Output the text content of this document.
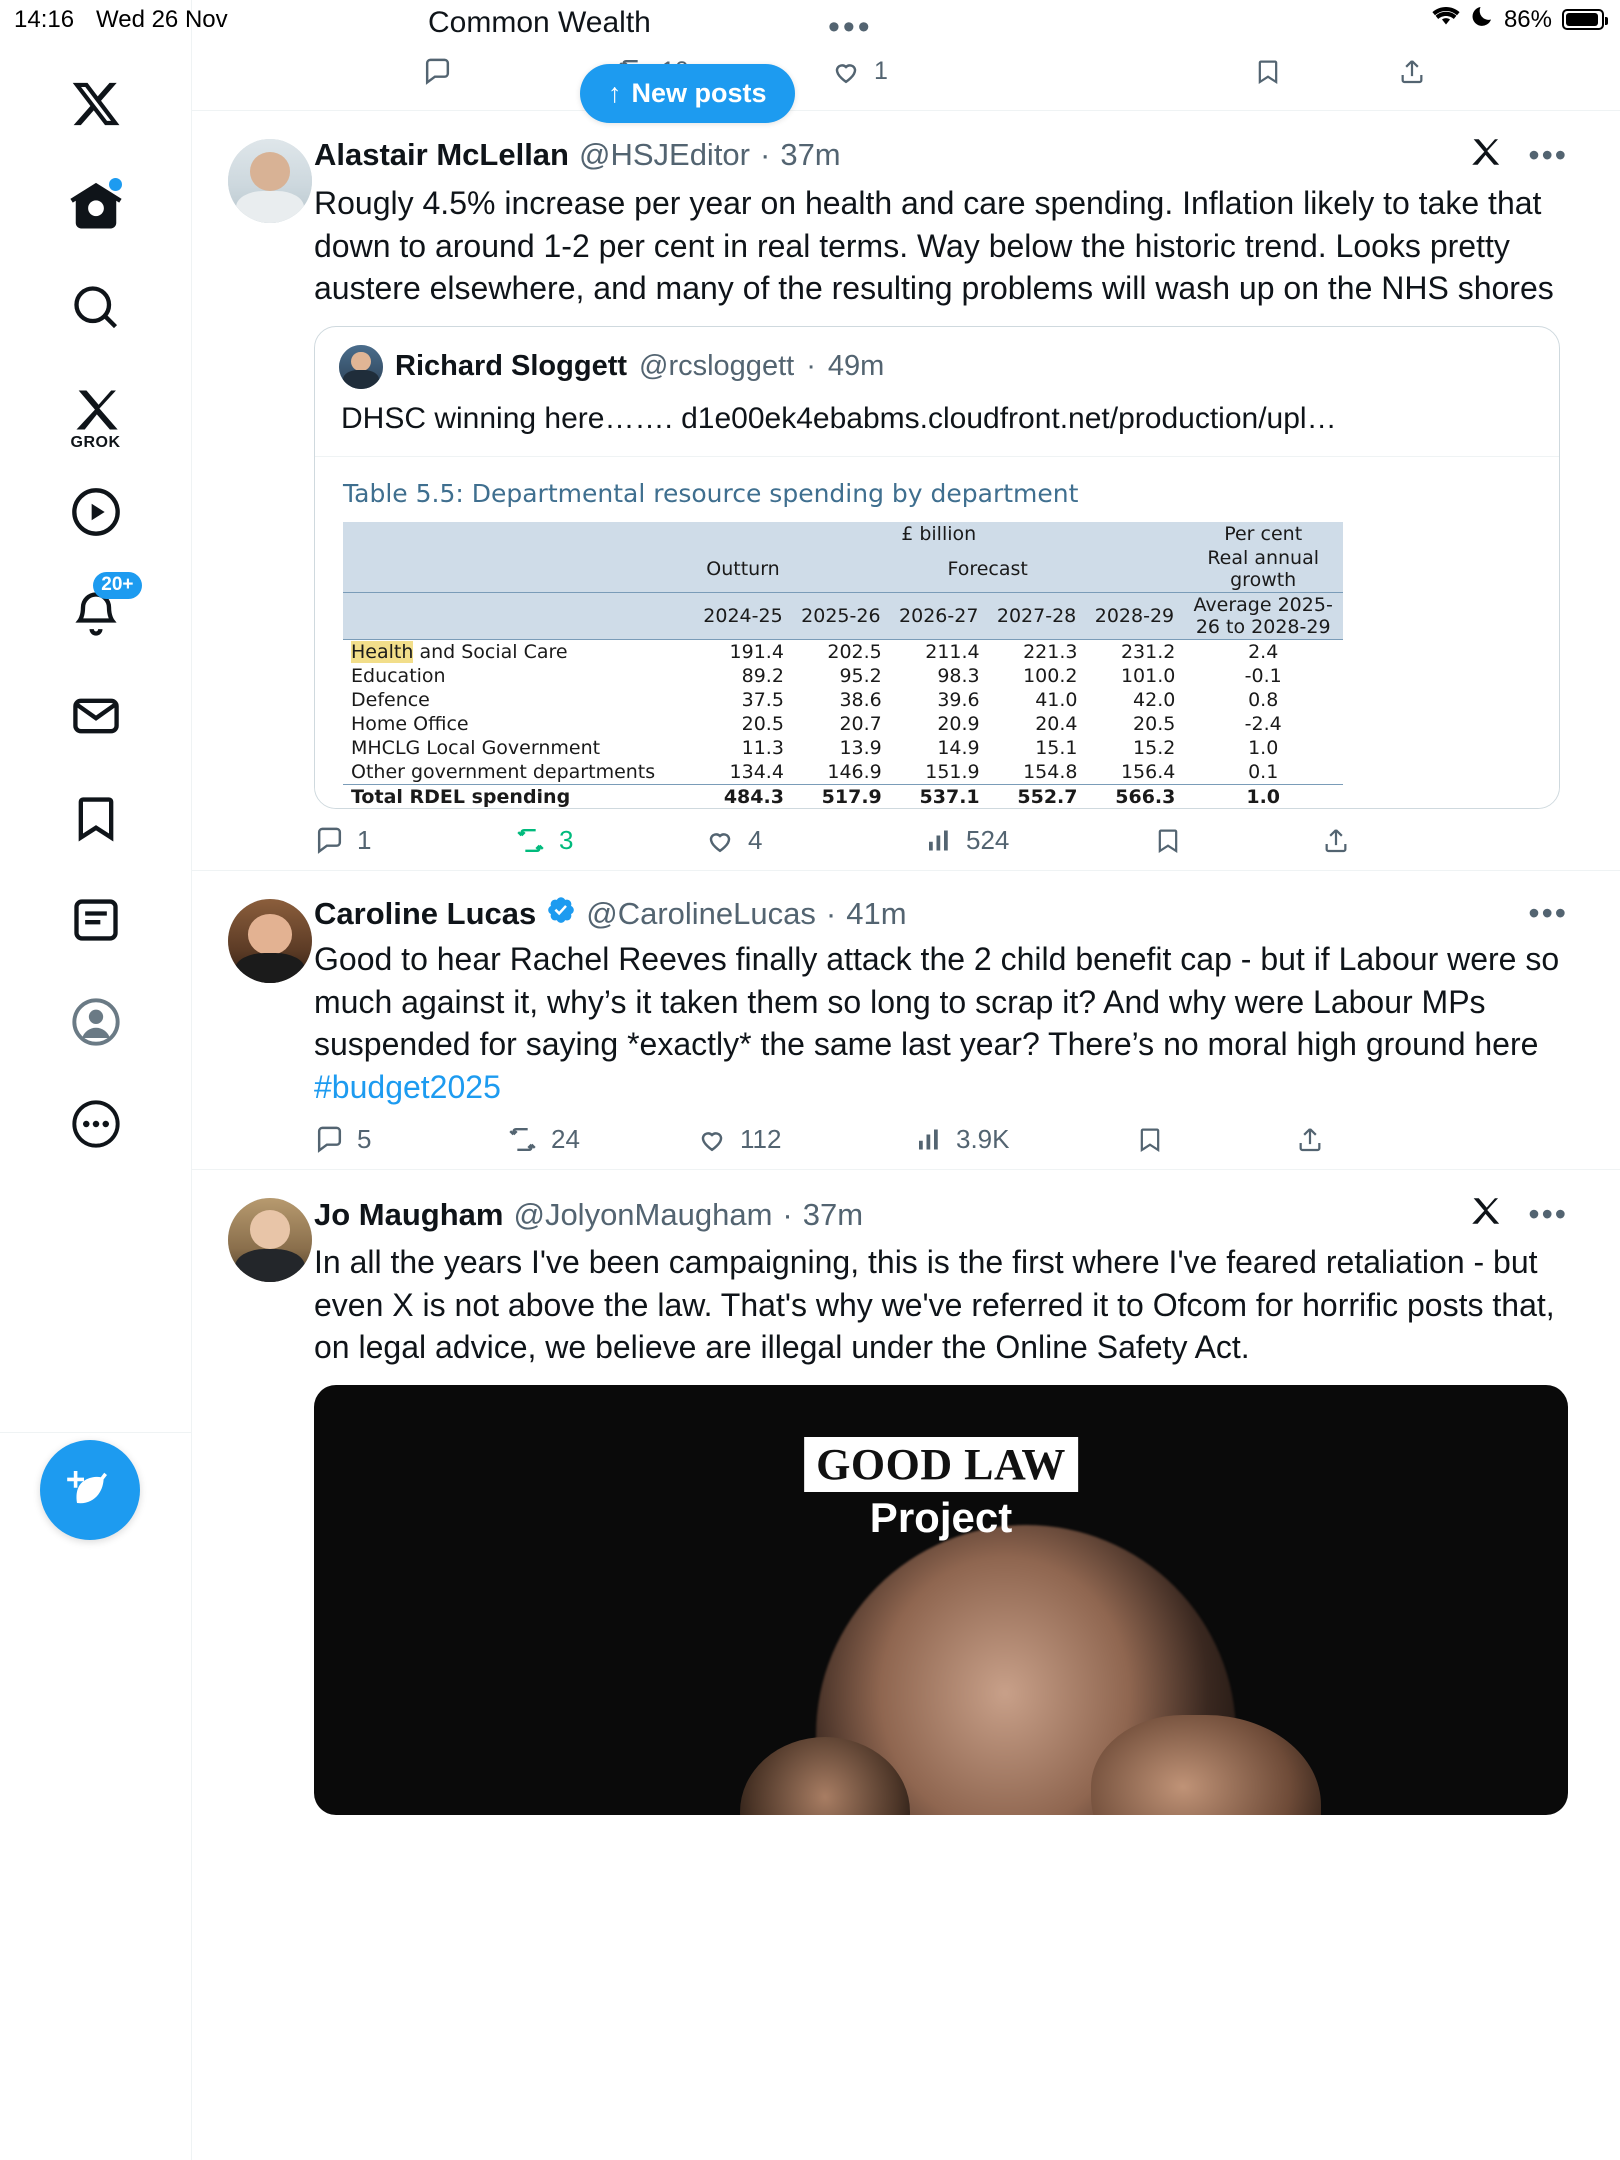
14:16 Wed 26 Nov	86%
GROK
20+
Common Wealth	•••
1
↑ New posts
Alastair McLellan @HSJEditor · 37m	•••
Rougly 4.5% increase per year on health and care spending. Inflation likely to take that down to around 1-2 per cent in real terms. Way below the historic trend. Looks pretty austere elsewhere, and many of the resulting problems will wash up on the NHS shores
Richard Sloggett @rcsloggett · 49m
DHSC winning here……. d1e00ek4ebabms.cloudfront.net/production/upl…
Table 5.5: Departmental resource spending by department
	£ billion					Per cent
	Outturn	Forecast				Real annual growth
	2024-25	2025-26	2026-27	2027-28	2028-29	Average 2025-26 to 2028-29
Health and Social Care	191.4	202.5	211.4	221.3	231.2	2.4
Education	89.2	95.2	98.3	100.2	101.0	-0.1
Defence	37.5	38.6	39.6	41.0	42.0	0.8
Home Office	20.5	20.7	20.9	20.4	20.5	-2.4
MHCLG Local Government	11.3	13.9	14.9	15.1	15.2	1.0
Other government departments	134.4	146.9	151.9	154.8	156.4	0.1
Total RDEL spending	484.3	517.9	537.1	552.7	566.3	1.0
1	3	4	524
Caroline Lucas @CarolineLucas · 41m	•••
Good to hear Rachel Reeves finally attack the 2 child benefit cap - but if Labour were so much against it, why’s it taken them so long to scrap it? And why were Labour MPs suspended for saying *exactly* the same last year? There’s no moral high ground here #budget2025
5	24	112	3.9K
Jo Maugham @JolyonMaugham · 37m	•••
In all the years I've been campaigning, this is the first where I've feared retaliation - but even X is not above the law. That's why we've referred it to Ofcom for horrific posts that, on legal advice, we believe are illegal under the Online Safety Act.
GOOD LAW
Project
